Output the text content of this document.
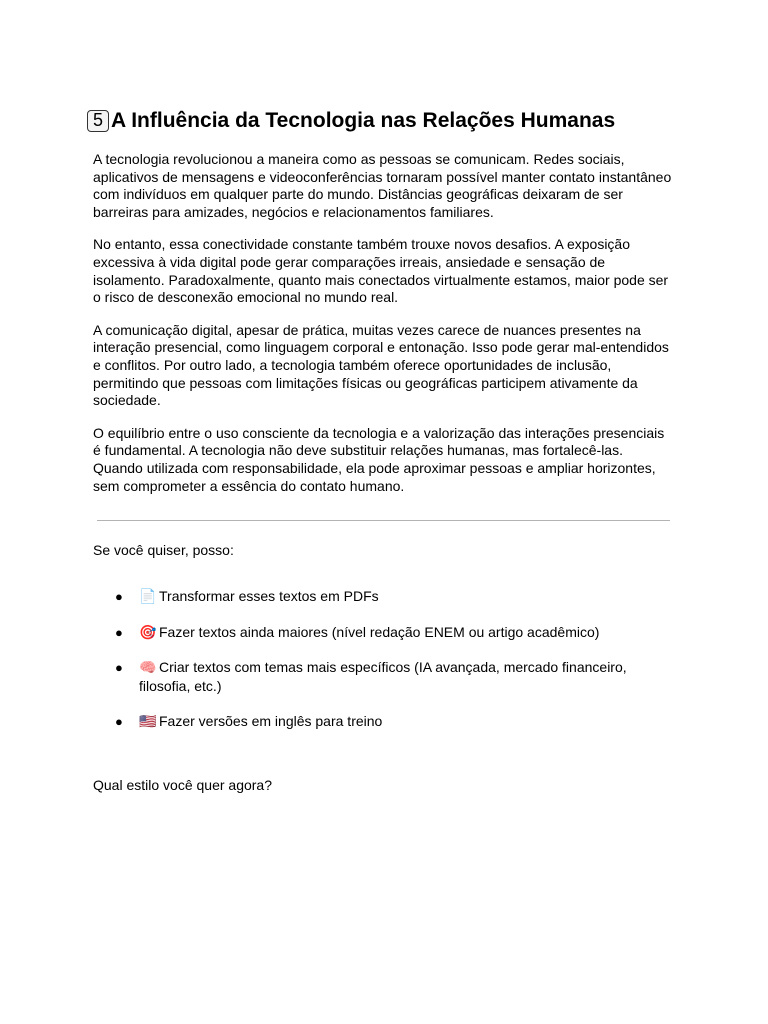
5 A Influência da Tecnologia nas Relações Humanas

A tecnologia revolucionou a maneira como as pessoas se comunicam. Redes sociais, aplicativos de mensagens e videoconferências tornaram possível manter contato instantâneo com indivíduos em qualquer parte do mundo. Distâncias geográficas deixaram de ser barreiras para amizades, negócios e relacionamentos familiares.

No entanto, essa conectividade constante também trouxe novos desafios. A exposição excessiva à vida digital pode gerar comparações irreais, ansiedade e sensação de isolamento. Paradoxalmente, quanto mais conectados virtualmente estamos, maior pode ser o risco de desconexão emocional no mundo real.

A comunicação digital, apesar de prática, muitas vezes carece de nuances presentes na interação presencial, como linguagem corporal e entonação. Isso pode gerar mal-entendidos e conflitos. Por outro lado, a tecnologia também oferece oportunidades de inclusão, permitindo que pessoas com limitações físicas ou geográficas participem ativamente da sociedade.

O equilíbrio entre o uso consciente da tecnologia e a valorização das interações presenciais é fundamental. A tecnologia não deve substituir relações humanas, mas fortalecê-las. Quando utilizada com responsabilidade, ela pode aproximar pessoas e ampliar horizontes, sem comprometer a essência do contato humano.

Se você quiser, posso:
● 📄 Transformar esses textos em PDFs
● 🎯 Fazer textos ainda maiores (nível redação ENEM ou artigo acadêmico)
● 🧠 Criar textos com temas mais específicos (IA avançada, mercado financeiro, filosofia, etc.)
● 🇺🇸 Fazer versões em inglês para treino
Qual estilo você quer agora?
